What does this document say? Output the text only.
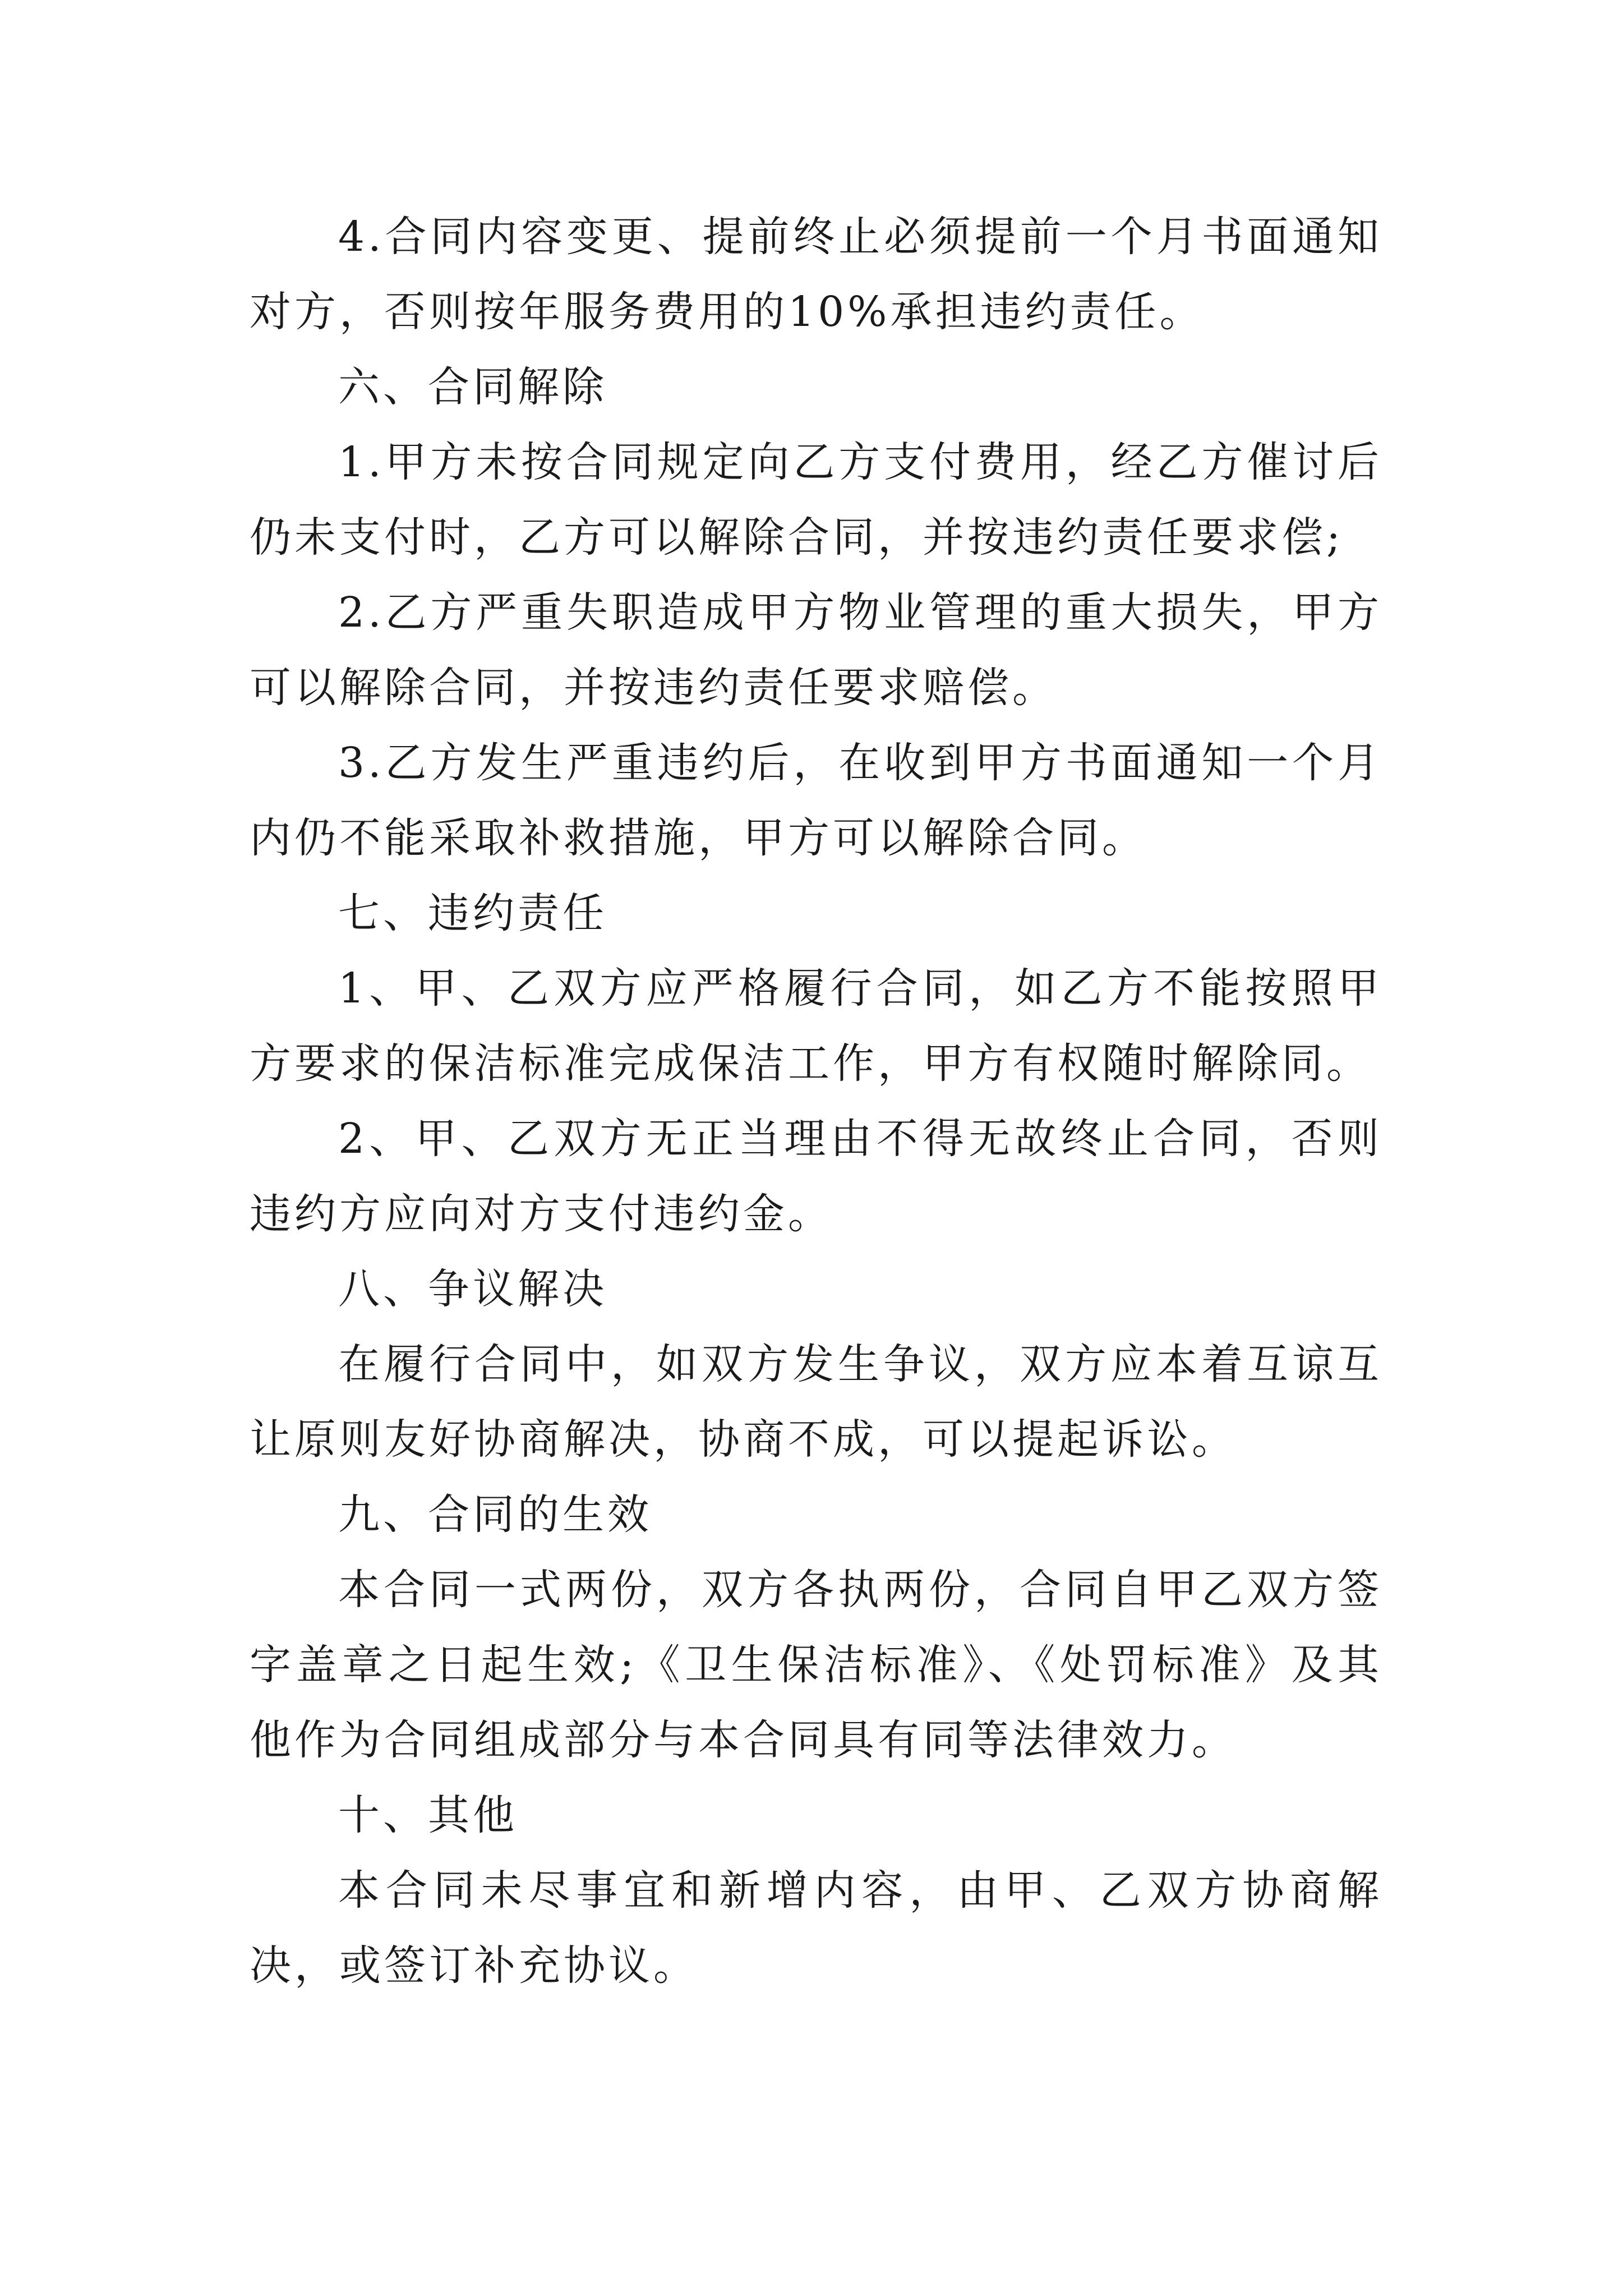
4.合同内容变更、提前终止必须提前一个月书面通知对方，否则按年服务费用的10%承担违约责任。

六、合同解除

1.甲方未按合同规定向乙方支付费用，经乙方催讨后仍未支付时，乙方可以解除合同，并按违约责任要求偿;

2.乙方严重失职造成甲方物业管理的重大损失，甲方可以解除合同，并按违约责任要求赔偿。

3.乙方发生严重违约后，在收到甲方书面通知一个月内仍不能采取补救措施，甲方可以解除合同。

七、违约责任

1、甲、乙双方应严格履行合同，如乙方不能按照甲方要求的保洁标准完成保洁工作，甲方有权随时解除同。

2、甲、乙双方无正当理由不得无故终止合同，否则违约方应向对方支付违约金。

八、争议解决

在履行合同中，如双方发生争议，双方应本着互谅互让原则友好协商解决，协商不成，可以提起诉讼。

九、合同的生效

本合同一式两份，双方各执两份，合同自甲乙双方签字盖章之日起生效;《卫生保洁标准》、《处罚标准》及其他作为合同组成部分与本合同具有同等法律效力。

十、其他

本合同未尽事宜和新增内容，由甲、乙双方协商解决，或签订补充协议。
